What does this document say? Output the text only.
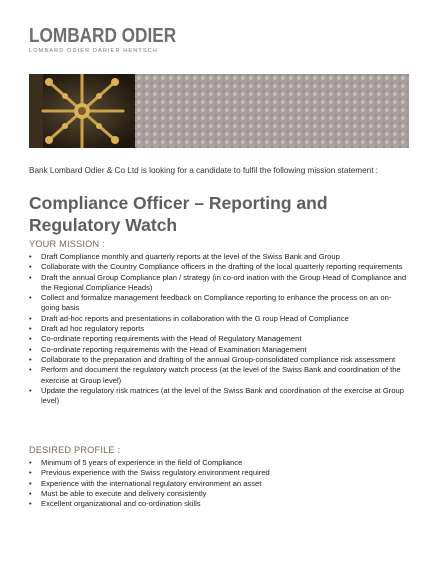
LOMBARD ODIER
LOMBARD ODIER DARIER HENTSCH
Bank Lombard Odier & Co Ltd is looking for a candidate to fulfil the following mission statement :
Compliance Officer – Reporting and Regulatory Watch
YOUR MISSION :
• Draft Compliance monthly and quarterly reports at the level of the Swiss Bank and Group
• Collaborate with the Country Compliance officers in the drafting of the local quarterly reporting requirements
• Draft the annual Group Compliance plan / strategy (in co-ord ination with the Group Head of Compliance and the Regional Compliance Heads)
• Collect and formalize management feedback on Compliance reporting to enhance the process on an on-going basis
• Draft ad-hoc reports and presentations in collaboration with the G roup Head of Compliance
• Draft ad hoc regulatory reports
• Co-ordinate reporting requirements with the Head of Regulatory Management
• Co-ordinate reporting requirements with the Head of Examination Management
• Collaborate to the preparation and drafting of the annual Group-consolidated compliance risk assessment
• Perform and document the regulatory watch process (at the level of the Swiss Bank and coordination of the exercise at Group level)
• Update the regulatory risk matrices (at the level of the Swiss Bank and coordination of the exercise at Group level)
DESIRED PROFILE :
• Minimum of 5 years of experience in the field of Compliance
• Previous experience with the Swiss regulatory environment required
• Experience with the international regulatory environment an asset
• Must be able to execute and delivery consistently
• Excellent organizational and co-ordination skills
